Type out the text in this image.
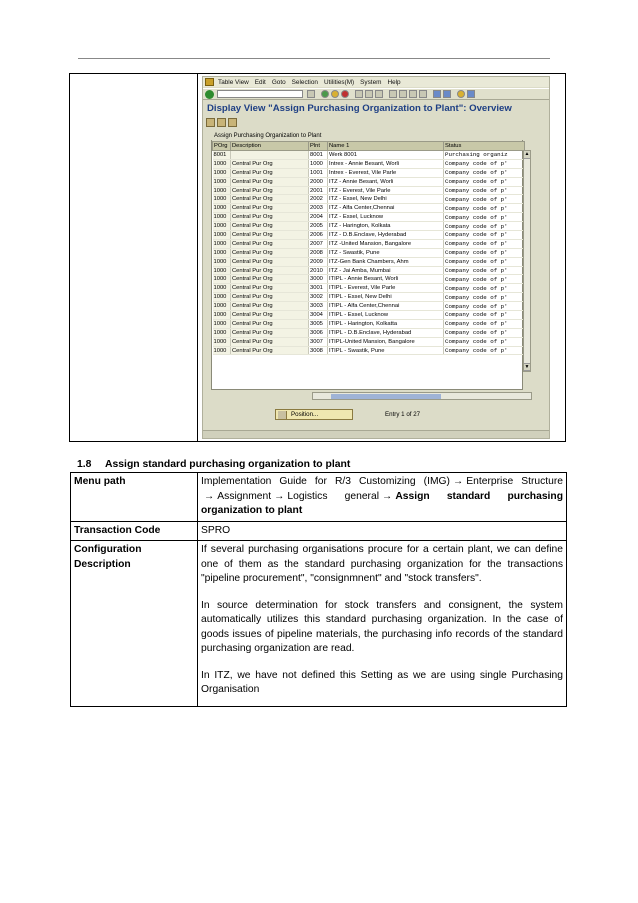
Table View Edit Goto Selection Utilities(M) System Help
Display View "Assign Purchasing Organization to Plant": Overview
Assign Purchasing Organization to Plant
POrg	Description	Plnt	Name 1	Status
8001		8001	Werk 8001	Purchasing organiz
1000	Central Pur Org	1000	Intrex - Annie Besant, Worli	Company code of p'
1000	Central Pur Org	1001	Intrex - Everest, Vile Parle	Company code of p'
1000	Central Pur Org	2000	ITZ - Annie Besant, Worli	Company code of p'
1000	Central Pur Org	2001	ITZ - Everest, Vile Parle	Company code of p'
1000	Central Pur Org	2002	ITZ - Essel, New Delhi	Company code of p'
1000	Central Pur Org	2003	ITZ - Alfa Center,Chennai	Company code of p'
1000	Central Pur Org	2004	ITZ - Essel, Lucknow	Company code of p'
1000	Central Pur Org	2005	ITZ - Harington, Kolkata	Company code of p'
1000	Central Pur Org	2006	ITZ - D.B.Enclave, Hyderabad	Company code of p'
1000	Central Pur Org	2007	ITZ -United Mansion, Bangalore	Company code of p'
1000	Central Pur Org	2008	ITZ - Swastik, Pune	Company code of p'
1000	Central Pur Org	2009	ITZ-Gen Bank Chambers, Ahm	Company code of p'
1000	Central Pur Org	2010	ITZ - Jai Amba, Mumbai	Company code of p'
1000	Central Pur Org	3000	ITIPL - Annie Besant, Worli	Company code of p'
1000	Central Pur Org	3001	ITIPL - Everest, Vile Parle	Company code of p'
1000	Central Pur Org	3002	ITIPL - Essel, New Delhi	Company code of p'
1000	Central Pur Org	3003	ITIPL - Alfa Center,Chennai	Company code of p'
1000	Central Pur Org	3004	ITIPL - Essel, Lucknow	Company code of p'
1000	Central Pur Org	3005	ITIPL - Harington, Kolkatta	Company code of p'
1000	Central Pur Org	3006	ITIPL - D.B.Enclave, Hyderabad	Company code of p'
1000	Central Pur Org	3007	ITIPL-United Mansion, Bangalore	Company code of p'
1000	Central Pur Org	3008	ITIPL - Swastik, Pune	Company code of p'
▲
▼
Position...	Entry 1 of 27
1.8 Assign standard purchasing organization to plant
Menu path	Implementation Guide for R/3 Customizing (IMG) → Enterprise Structure → Assignment → Logistics general → Assign standard purchasing organization to plant
Transaction Code	SPRO
Configuration Description	If several purchasing organisations procure for a certain plant, we can define one of them as the standard purchasing organization for the transactions "pipeline procurement", "consignmnent" and "stock transfers".

In source determination for stock transfers and consignent, the system automatically utilizes this standard purchasing organization. In the case of goods issues of pipeline materials, the purchasing info records of the standard purchasing organization are read.

In ITZ, we have not defined this Setting as we are using single Purchasing Organisation
